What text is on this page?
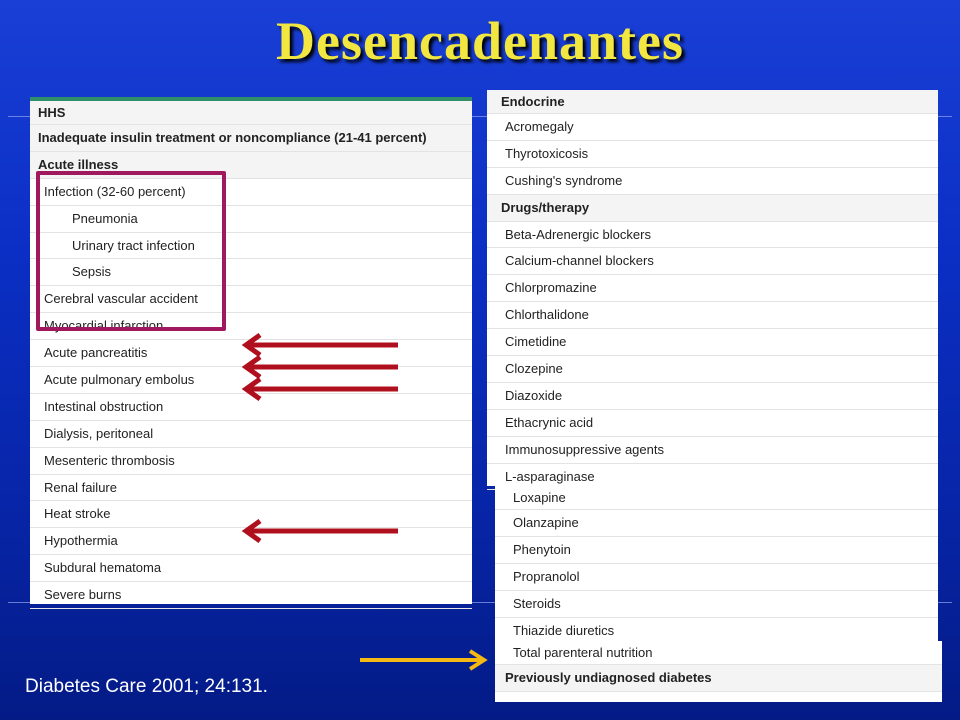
Desencadenantes
HHS
Inadequate insulin treatment or noncompliance (21-41 percent)
Acute illness
Infection (32-60 percent)
Pneumonia
Urinary tract infection
Sepsis
Cerebral vascular accident
Myocardial infarction
Acute pancreatitis
Acute pulmonary embolus
Intestinal obstruction
Dialysis, peritoneal
Mesenteric thrombosis
Renal failure
Heat stroke
Hypothermia
Subdural hematoma
Severe burns
Endocrine
Acromegaly
Thyrotoxicosis
Cushing's syndrome
Drugs/therapy
Beta-Adrenergic blockers
Calcium-channel blockers
Chlorpromazine
Chlorthalidone
Cimetidine
Clozepine
Diazoxide
Ethacrynic acid
Immunosuppressive agents
L-asparaginase
Loxapine
Olanzapine
Phenytoin
Propranolol
Steroids
Thiazide diuretics
Total parenteral nutrition
Previously undiagnosed diabetes
Diabetes Care 2001; 24:131.
